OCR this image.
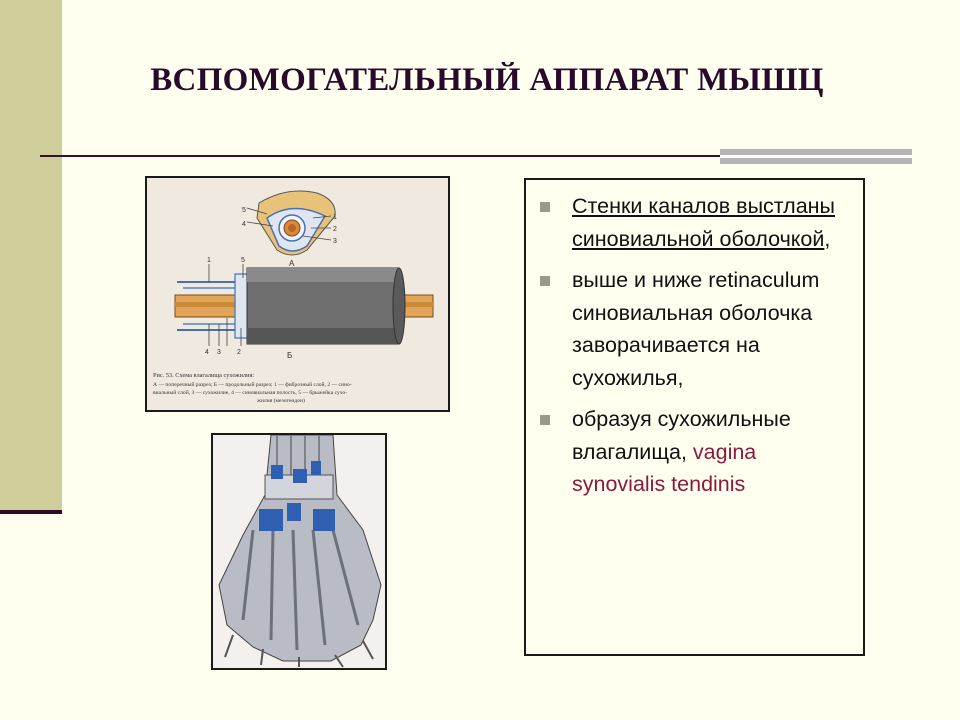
ВСПОМОГАТЕЛЬНЫЙ АППАРАТ МЫШЦ
5
4
1
2
3
А
1	5
4 3 2	Б
Рис. 53. Схема влагалища сухожилия:
А — поперечный разрез; Б — продольный разрез; 1 — фиброзный слой, 2 — сино-
виальный слой, 3 — сухожилие, 4 — синовиальная полость, 5 — брыжейка сухо-
жилия (мезотендон)
Стенки каналов выстланы синовиальной оболочкой,
выше и ниже retinaculum синовиальная оболочка заворачивается на сухожилья,
образуя сухожильные влагалища, vagina synovialis tendinis
